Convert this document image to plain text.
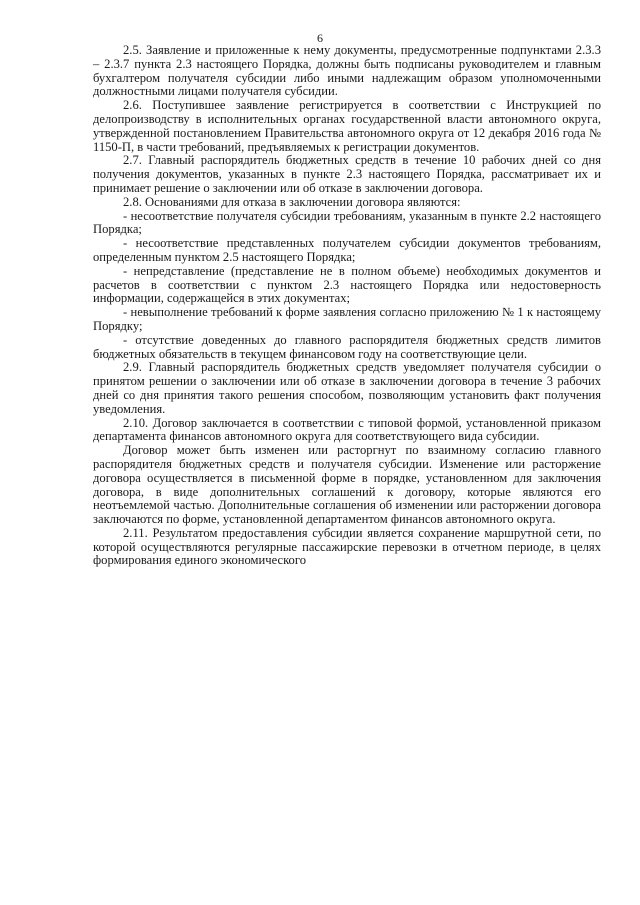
6

2.5. Заявление и приложенные к нему документы, предусмотренные подпунктами 2.3.3 – 2.3.7 пункта 2.3 настоящего Порядка, должны быть подписаны руководителем и главным бухгалтером получателя субсидии либо иными надлежащим образом уполномоченными должностными лицами получателя субсидии.

2.6. Поступившее заявление регистрируется в соответствии с Инструкцией по делопроизводству в исполнительных органах государственной власти автономного округа, утвержденной постановлением Правительства автономного округа от 12 декабря 2016 года № 1150-П, в части требований, предъявляемых к регистрации документов.

2.7. Главный распорядитель бюджетных средств в течение 10 рабочих дней со дня получения документов, указанных в пункте 2.3 настоящего Порядка, рассматривает их и принимает решение о заключении или об отказе в заключении договора.

2.8. Основаниями для отказа в заключении договора являются:

- несоответствие получателя субсидии требованиям, указанным в пункте 2.2 настоящего Порядка;

- несоответствие представленных получателем субсидии документов требованиям, определенным пунктом 2.5 настоящего Порядка;

- непредставление (представление не в полном объеме) необходимых документов и расчетов в соответствии с пунктом 2.3 настоящего Порядка или недостоверность информации, содержащейся в этих документах;

- невыполнение требований к форме заявления согласно приложению № 1 к настоящему Порядку;

- отсутствие доведенных до главного распорядителя бюджетных средств лимитов бюджетных обязательств в текущем финансовом году на соответствующие цели.

2.9. Главный распорядитель бюджетных средств уведомляет получателя субсидии о принятом решении о заключении или об отказе в заключении договора в течение 3 рабочих дней со дня принятия такого решения способом, позволяющим установить факт получения уведомления.

2.10. Договор заключается в соответствии с типовой формой, установленной приказом департамента финансов автономного округа для соответствующего вида субсидии.

Договор может быть изменен или расторгнут по взаимному согласию главного распорядителя бюджетных средств и получателя субсидии. Изменение или расторжение договора осуществляется в письменной форме в порядке, установленном для заключения договора, в виде дополнительных соглашений к договору, которые являются его неотъемлемой частью. Дополнительные соглашения об изменении или расторжении договора заключаются по форме, установленной департаментом финансов автономного округа.

2.11. Результатом предоставления субсидии является сохранение маршрутной сети, по которой осуществляются регулярные пассажирские перевозки в отчетном периоде, в целях формирования единого экономического
